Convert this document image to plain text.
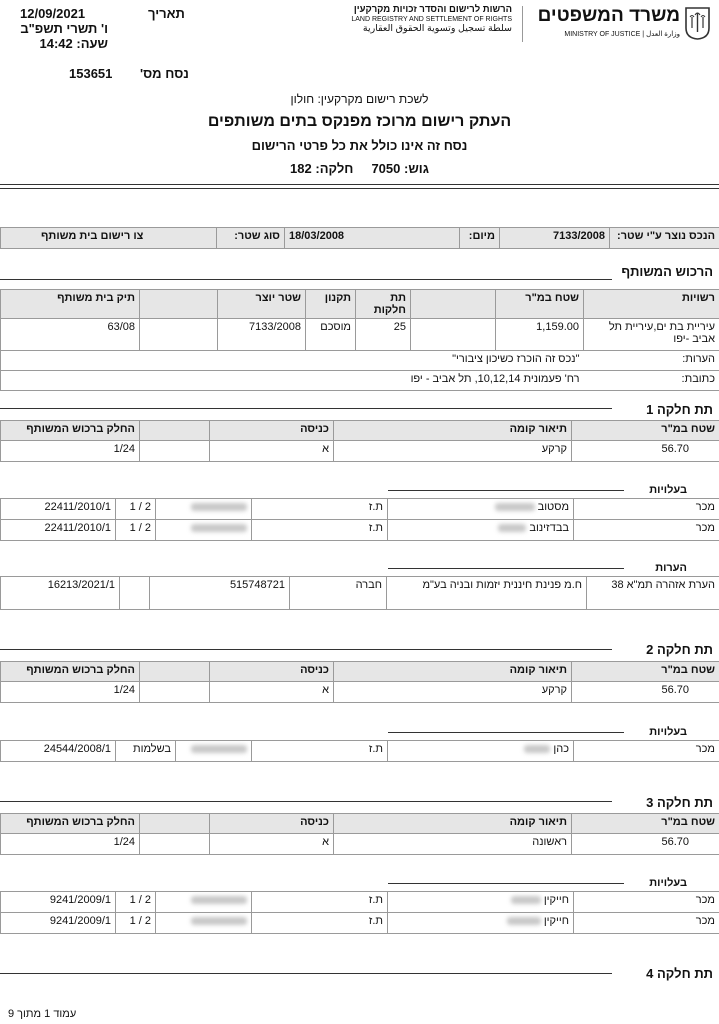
12/09/2021	תאריך
ו' תשרי תשפ"ב
שעה: 14:42
153651 נסח מס'
הרשות לרישום והסדר זכויות מקרקעין
LAND REGISTRY AND SETTLEMENT OF RIGHTS
سلطة تسجيل وتسوية الحقوق العقارية
משרד המשפטים
MINISTRY OF JUSTICE | وزارة العدل
לשכת רישום מקרקעין: חולון
העתק רישום מרוכז מפנקס בתים משותפים
נסח זה אינו כולל את כל פרטי הרישום
גוש: 7050     חלקה: 182
הנכס נוצר ע"י שטר:	7133/2008	מיום:	18/03/2008	סוג שטר:	צו רישום בית משותף
הרכוש המשותף
רשויות	שטח במ"ר		תת חלקות	תקנון	שטר יוצר		תיק בית משותף
עיריית בת ים,עיריית תל אביב -יפו	1,159.00		25	מוסכם	7133/2008		63/08
הערות:	"נכס זה הוכרז כשיכון ציבורי"						
כתובת:	רח' פעמונית 10,12,14, תל אביב - יפו						
תת חלקה 1
שטח במ"ר	תיאור קומה	כניסה		החלק ברכוש המשותף
56.70	קרקע	א		1/24
בעלויות
מכר	מסטוב	ת.ז		2 / 1	22411/2010/1
מכר	בבדזינוב	ת.ז		2 / 1	22411/2010/1
הערות
הערת אזהרה תמ"א 38	ח.מ פנינת חיננית יזמות ובניה בע"מ	חברה	515748721		16213/2021/1
תת חלקה 2
שטח במ"ר	תיאור קומה	כניסה		החלק ברכוש המשותף
56.70	קרקע	א		1/24
בעלויות
מכר	כהן	ת.ז		בשלמות	24544/2008/1
תת חלקה 3
שטח במ"ר	תיאור קומה	כניסה		החלק ברכוש המשותף
56.70	ראשונה	א		1/24
בעלויות
מכר	חייקין	ת.ז		2 / 1	9241/2009/1
מכר	חייקין	ת.ז		2 / 1	9241/2009/1
תת חלקה 4
עמוד 1 מתוך 9
